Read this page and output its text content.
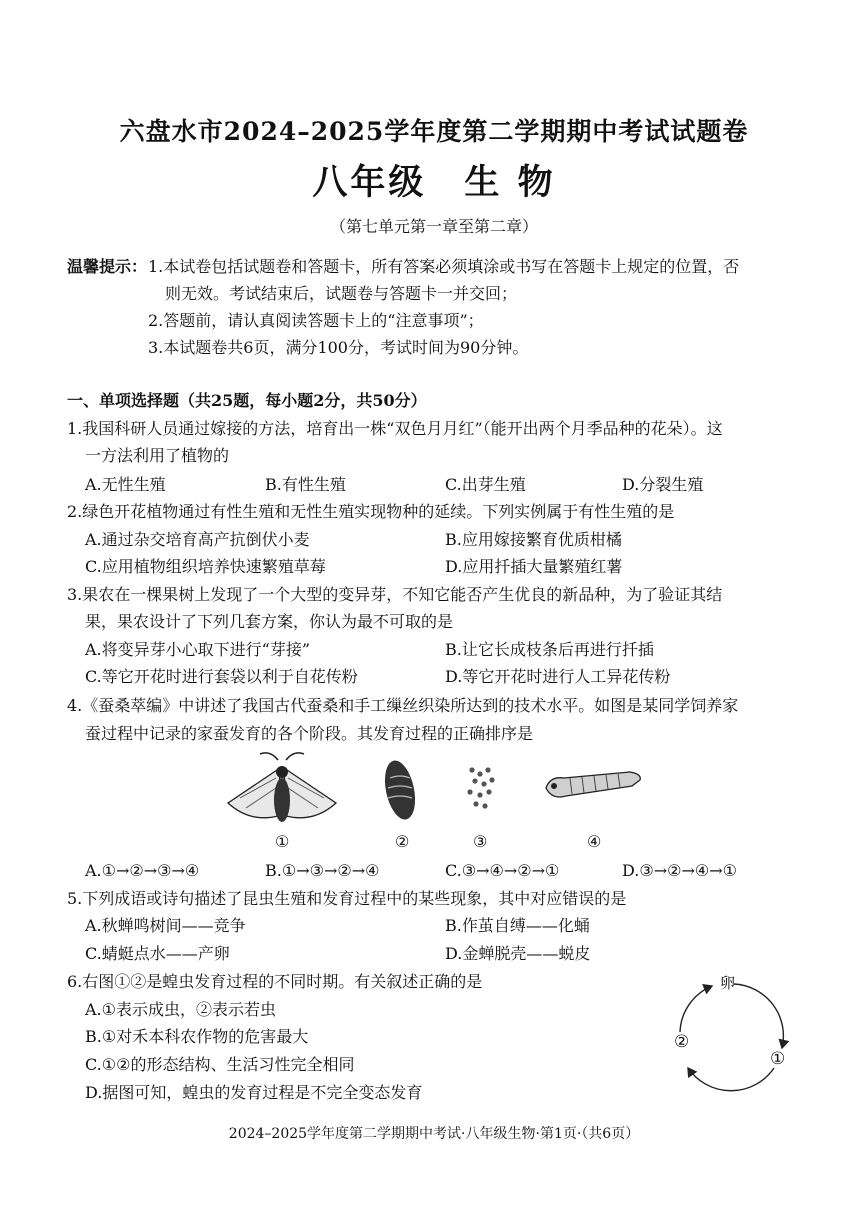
六盘水市2024–2025学年度第二学期期中考试试题卷
八年级　生 物
（第七单元第一章至第二章）
温馨提示： 1.本试卷包括试题卷和答题卡，所有答案必须填涂或书写在答题卡上规定的位置，否
则无效。考试结束后，试题卷与答题卡一并交回；
2.答题前，请认真阅读答题卡上的“注意事项”；
3.本试题卷共6页，满分100分，考试时间为90分钟。
一、单项选择题（共25题，每小题2分，共50分）
1.我国科研人员通过嫁接的方法，培育出一株“双色月月红”（能开出两个月季品种的花朵）。这
一方法利用了植物的
A.无性生殖	B.有性生殖	C.出芽生殖	D.分裂生殖
2.绿色开花植物通过有性生殖和无性生殖实现物种的延续。下列实例属于有性生殖的是
A.通过杂交培育高产抗倒伏小麦	B.应用嫁接繁育优质柑橘
C.应用植物组织培养快速繁殖草莓	D.应用扦插大量繁殖红薯
3.果农在一棵果树上发现了一个大型的变异芽，不知它能否产生优良的新品种，为了验证其结
果，果农设计了下列几套方案，你认为最不可取的是
A.将变异芽小心取下进行“芽接”	B.让它长成枝条后再进行扦插
C.等它开花时进行套袋以利于自花传粉	D.等它开花时进行人工异花传粉
4.《蚕桑萃编》中讲述了我国古代蚕桑和手工缫丝织染所达到的技术水平。如图是某同学饲养家
蚕过程中记录的家蚕发育的各个阶段。其发育过程的正确排序是
①	②	③	④
A.①→②→③→④	B.①→③→②→④	C.③→④→②→①	D.③→②→④→①
5.下列成语或诗句描述了昆虫生殖和发育过程中的某些现象，其中对应错误的是
A.秋蝉鸣树间——竞争	B.作茧自缚——化蛹
C.蜻蜓点水——产卵	D.金蝉脱壳——蜕皮
6.右图①②是蝗虫发育过程的不同时期。有关叙述正确的是
A.①表示成虫，②表示若虫
B.①对禾本科农作物的危害最大
C.①②的形态结构、生活习性完全相同
D.据图可知，蝗虫的发育过程是不完全变态发育
卵
①
②
2024–2025学年度第二学期期中考试·八年级生物·第1页·（共6页）
